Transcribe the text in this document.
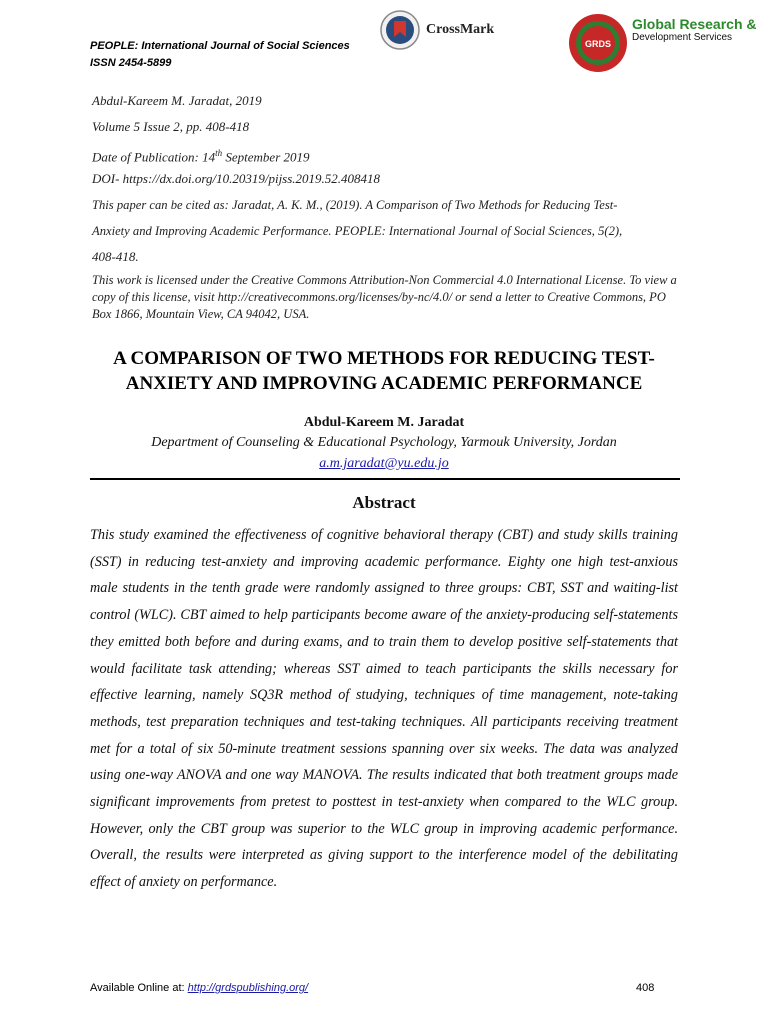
PEOPLE: International Journal of Social Sciences
ISSN 2454-5899
CrossMark
GRDS
Global Research &
Development Services
Abdul-Kareem M. Jaradat, 2019
Volume 5 Issue 2, pp. 408-418
Date of Publication: 14th September 2019
DOI- https://dx.doi.org/10.20319/pijss.2019.52.408418
This paper can be cited as: Jaradat, A. K. M., (2019). A Comparison of Two Methods for Reducing Test-
Anxiety and Improving Academic Performance. PEOPLE: International Journal of Social Sciences, 5(2),
408-418.
This work is licensed under the Creative Commons Attribution-Non Commercial 4.0 International License. To view a copy of this license, visit http://creativecommons.org/licenses/by-nc/4.0/ or send a letter to Creative Commons, PO Box 1866, Mountain View, CA 94042, USA.
A COMPARISON OF TWO METHODS FOR REDUCING TEST-
ANXIETY AND IMPROVING ACADEMIC PERFORMANCE
Abdul-Kareem M. Jaradat
Department of Counseling & Educational Psychology, Yarmouk University, Jordan
a.m.jaradat@yu.edu.jo
Abstract
This study examined the effectiveness of cognitive behavioral therapy (CBT) and study skills training (SST) in reducing test-anxiety and improving academic performance. Eighty one high test-anxious male students in the tenth grade were randomly assigned to three groups: CBT, SST and waiting-list control (WLC). CBT aimed to help participants become aware of the anxiety-producing self-statements they emitted both before and during exams, and to train them to develop positive self-statements that would facilitate task attending; whereas SST aimed to teach participants the skills necessary for effective learning, namely SQ3R method of studying, techniques of time management, note-taking methods, test preparation techniques and test-taking techniques. All participants receiving treatment met for a total of six 50-minute treatment sessions spanning over six weeks. The data was analyzed using one-way ANOVA and one way MANOVA. The results indicated that both treatment groups made significant improvements from pretest to posttest in test-anxiety when compared to the WLC group. However, only the CBT group was superior to the WLC group in improving academic performance. Overall, the results were interpreted as giving support to the interference model of the debilitating effect of anxiety on performance.
Available Online at: http://grdspublishing.org/	408
